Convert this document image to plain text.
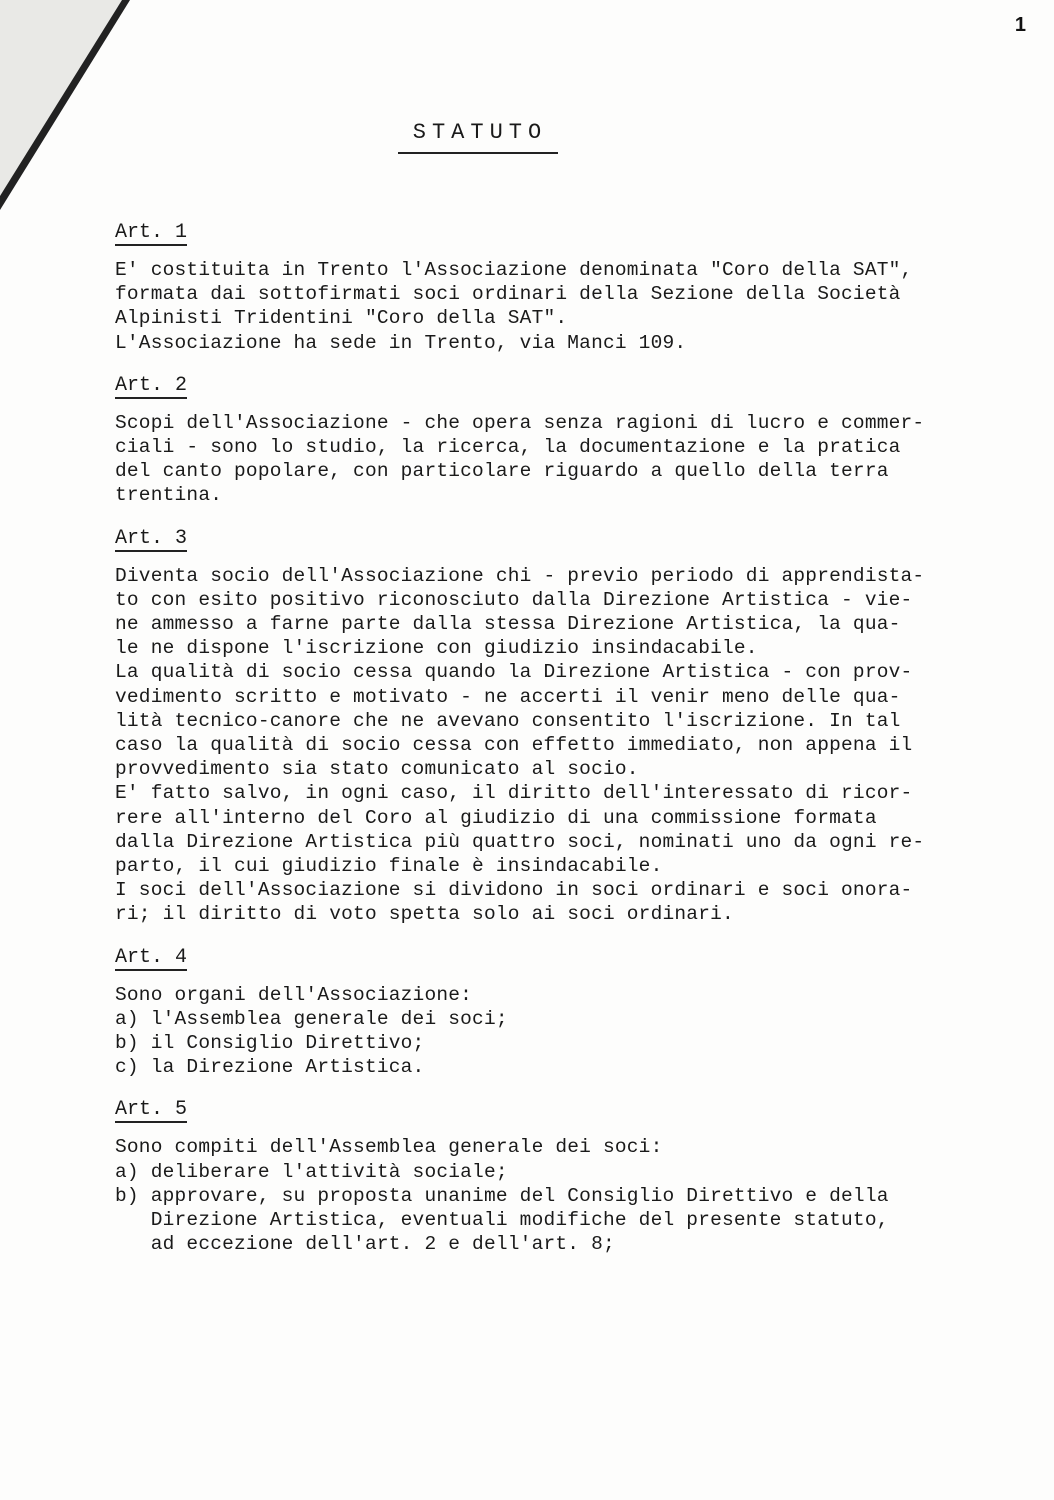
1
STATUTO
Art. 1
E' costituita in Trento l'Associazione denominata "Coro della SAT",
formata dai sottofirmati soci ordinari della Sezione della Società
Alpinisti Tridentini "Coro della SAT".
L'Associazione ha sede in Trento, via Manci 109.
Art. 2
Scopi dell'Associazione - che opera senza ragioni di lucro e commer-
ciali - sono lo studio, la ricerca, la documentazione e la pratica
del canto popolare, con particolare riguardo a quello della terra
trentina.
Art. 3
Diventa socio dell'Associazione chi - previo periodo di apprendista-
to con esito positivo riconosciuto dalla Direzione Artistica - vie-
ne ammesso a farne parte dalla stessa Direzione Artistica, la qua-
le ne dispone l'iscrizione con giudizio insindacabile.
La qualità di socio cessa quando la Direzione Artistica - con prov-
vedimento scritto e motivato - ne accerti il venir meno delle qua-
lità tecnico-canore che ne avevano consentito l'iscrizione. In tal
caso la qualità di socio cessa con effetto immediato, non appena il
provvedimento sia stato comunicato al socio.
E' fatto salvo, in ogni caso, il diritto dell'interessato di ricor-
rere all'interno del Coro al giudizio di una commissione formata
dalla Direzione Artistica più quattro soci, nominati uno da ogni re-
parto, il cui giudizio finale è insindacabile.
I soci dell'Associazione si dividono in soci ordinari e soci onora-
ri; il diritto di voto spetta solo ai soci ordinari.
Art. 4
Sono organi dell'Associazione:
a) l'Assemblea generale dei soci;
b) il Consiglio Direttivo;
c) la Direzione Artistica.
Art. 5
Sono compiti dell'Assemblea generale dei soci:
a) deliberare l'attività sociale;
b) approvare, su proposta unanime del Consiglio Direttivo e della
Direzione Artistica, eventuali modifiche del presente statuto,
ad eccezione dell'art. 2 e dell'art. 8;
